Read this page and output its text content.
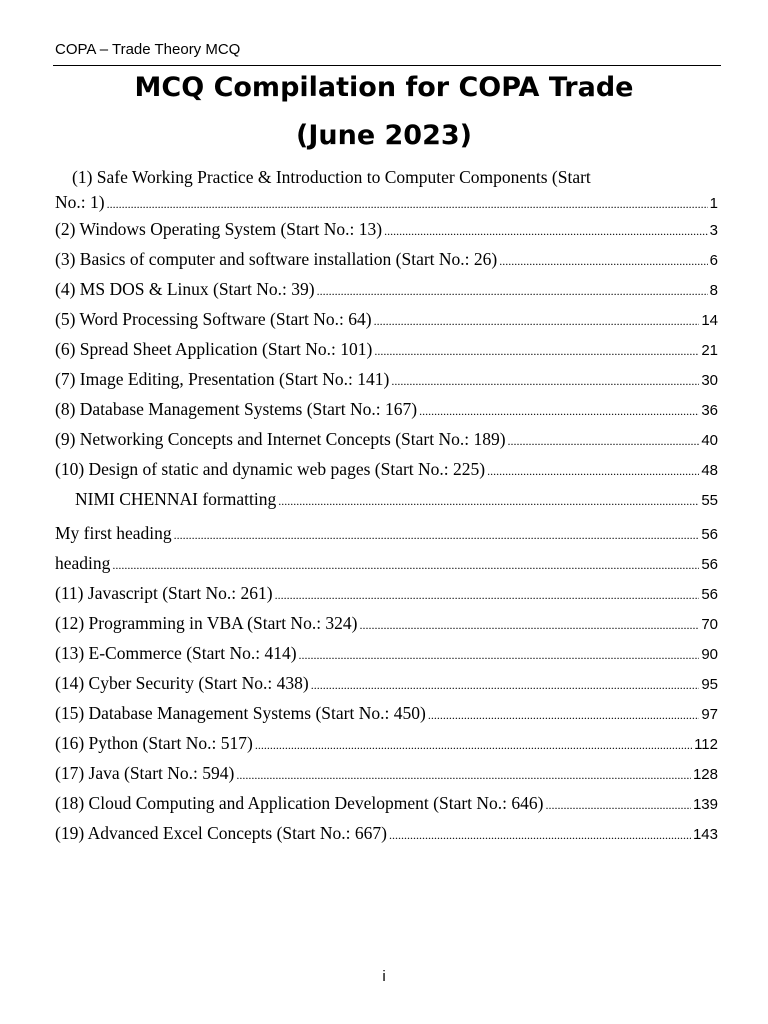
COPA – Trade Theory MCQ
MCQ Compilation for COPA Trade
(June 2023)
(1) Safe Working Practice & Introduction to Computer Components (Start
No.: 1) .....	1
(2) Windows Operating System (Start No.: 13) .....	3
(3) Basics of computer and software installation (Start No.: 26) .....	6
(4) MS DOS & Linux (Start No.: 39) .....	8
(5) Word Processing Software (Start No.: 64) .....	14
(6) Spread Sheet Application (Start No.: 101) .....	21
(7) Image Editing, Presentation (Start No.: 141) .....	30
(8) Database Management Systems (Start No.: 167) .....	36
(9) Networking Concepts and Internet Concepts (Start No.: 189) .....	40
(10) Design of static and dynamic web pages (Start No.: 225) .....	48
NIMI CHENNAI formatting .....	55
My first heading .....	56
heading .....	56
(11) Javascript (Start No.: 261) .....	56
(12) Programming in VBA (Start No.: 324) .....	70
(13) E-Commerce (Start No.: 414) .....	90
(14) Cyber Security (Start No.: 438) .....	95
(15) Database Management Systems (Start No.: 450) .....	97
(16) Python (Start No.: 517) .....	112
(17) Java (Start No.: 594) .....	128
(18) Cloud Computing and Application Development (Start No.: 646) .....	139
(19) Advanced Excel Concepts (Start No.: 667) .....	143
i
